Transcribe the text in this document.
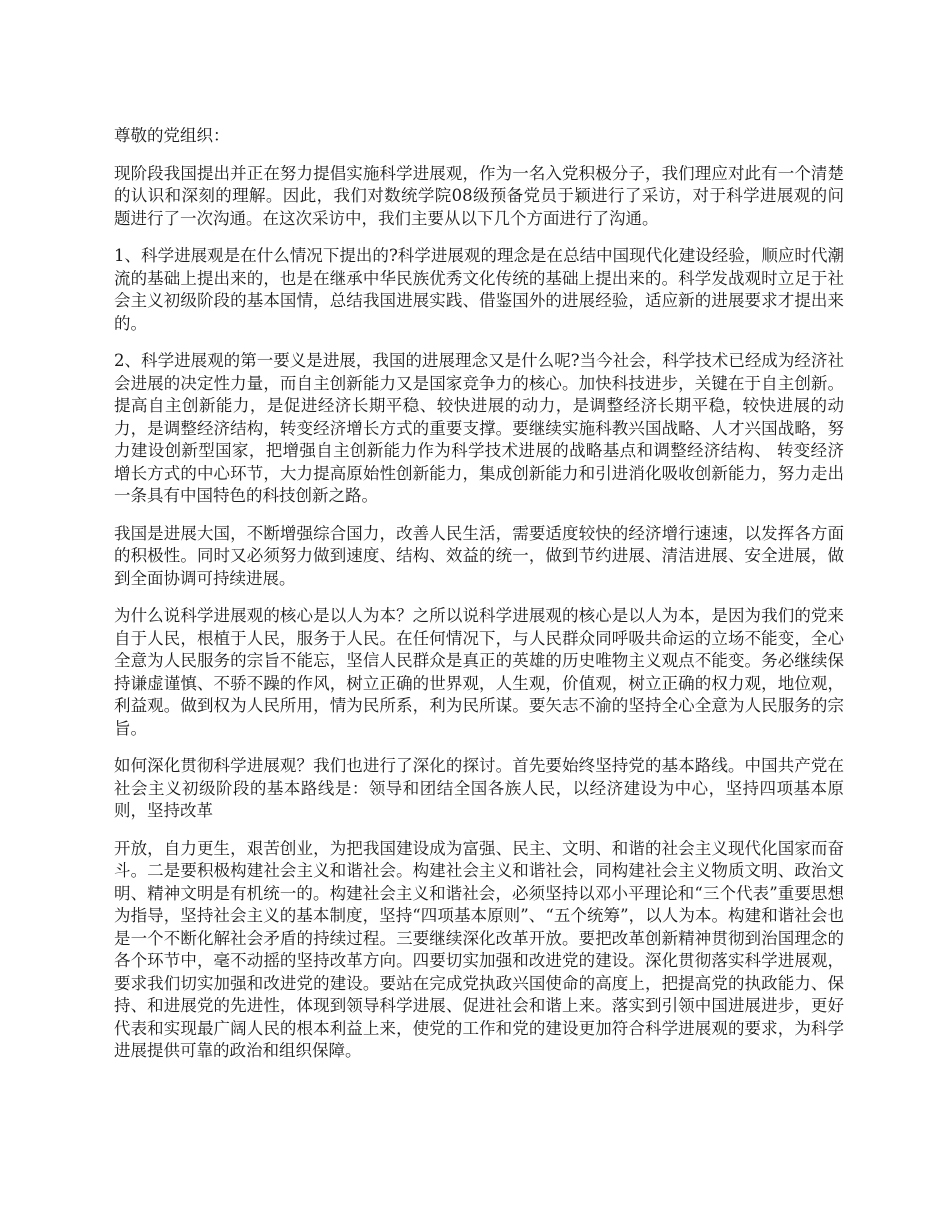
尊敬的党组织：

现阶段我国提出并正在努力提倡实施科学进展观，作为一名入党积极分子，我们理应对此有一个清楚的认识和深刻的理解。因此，我们对数统学院08级预备党员于颖进行了采访，对于科学进展观的问题进行了一次沟通。在这次采访中，我们主要从以下几个方面进行了沟通。

1、科学进展观是在什么情况下提出的?科学进展观的理念是在总结中国现代化建设经验，顺应时代潮流的基础上提出来的，也是在继承中华民族优秀文化传统的基础上提出来的。科学发战观时立足于社会主义初级阶段的基本国情，总结我国进展实践、借鉴国外的进展经验，适应新的进展要求才提出来的。

2、科学进展观的第一要义是进展，我国的进展理念又是什么呢?当今社会，科学技术已经成为经济社会进展的决定性力量，而自主创新能力又是国家竞争力的核心。加快科技进步，关键在于自主创新。提高自主创新能力，是促进经济长期平稳、较快进展的动力，是调整经济长期平稳，较快进展的动力，是调整经济结构，转变经济增长方式的重要支撑。要继续实施科教兴国战略、人才兴国战略，努力建设创新型国家，把增强自主创新能力作为科学技术进展的战略基点和调整经济结构、 转变经济增长方式的中心环节，大力提高原始性创新能力，集成创新能力和引进消化吸收创新能力，努力走出一条具有中国特色的科技创新之路。

我国是进展大国，不断增强综合国力，改善人民生活，需要适度较快的经济增行速速，以发挥各方面的积极性。同时又必须努力做到速度、结构、效益的统一，做到节约进展、清洁进展、安全进展，做到全面协调可持续进展。

为什么说科学进展观的核心是以人为本？之所以说科学进展观的核心是以人为本，是因为我们的党来自于人民，根植于人民，服务于人民。在任何情况下，与人民群众同呼吸共命运的立场不能变，全心全意为人民服务的宗旨不能忘，坚信人民群众是真正的英雄的历史唯物主义观点不能变。务必继续保持谦虚谨慎、不骄不躁的作风，树立正确的世界观，人生观，价值观，树立正确的权力观，地位观，利益观。做到权为人民所用，情为民所系，利为民所谋。要矢志不渝的坚持全心全意为人民服务的宗旨。

如何深化贯彻科学进展观？我们也进行了深化的探讨。首先要始终坚持党的基本路线。中国共产党在社会主义初级阶段的基本路线是：领导和团结全国各族人民，以经济建设为中心，坚持四项基本原则，坚持改革

开放，自力更生，艰苦创业，为把我国建设成为富强、民主、文明、和谐的社会主义现代化国家而奋斗。二是要积极构建社会主义和谐社会。构建社会主义和谐社会，同构建社会主义物质文明、政治文明、精神文明是有机统一的。构建社会主义和谐社会，必须坚持以邓小平理论和“三个代表”重要思想为指导，坚持社会主义的基本制度，坚持“四项基本原则”、“五个统筹”，以人为本。构建和谐社会也是一个不断化解社会矛盾的持续过程。三要继续深化改革开放。要把改革创新精神贯彻到治国理念的各个环节中，毫不动摇的坚持改革方向。四要切实加强和改进党的建设。深化贯彻落实科学进展观，要求我们切实加强和改进党的建设。要站在完成党执政兴国使命的高度上，把提高党的执政能力、保持、和进展党的先进性，体现到领导科学进展、促进社会和谐上来。落实到引领中国进展进步，更好代表和实现最广阔人民的根本利益上来，使党的工作和党的建设更加符合科学进展观的要求，为科学进展提供可靠的政治和组织保障。
